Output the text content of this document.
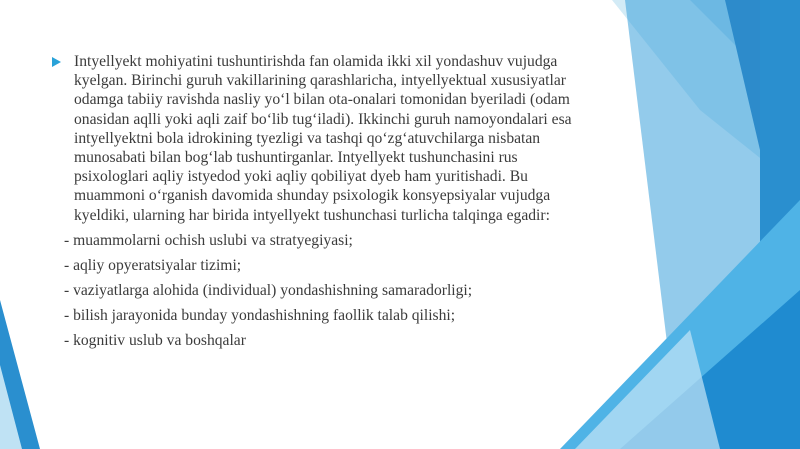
Intyellyekt mohiyatini tushuntirishda fan olamida ikki xil yondashuv vujudga kyelgan. Birinchi guruh vakillarining qarashlaricha, intyellyektual xususiyatlar odamga tabiiy ravishda nasliy yo‘l bilan ota-onalari tomonidan byeriladi (odam onasidan aqlli yoki aqli zaif bo‘lib tug‘iladi). Ikkinchi guruh namoyondalari esa intyellyektni bola idrokining tyezligi va tashqi qo‘zg‘atuvchilarga nisbatan munosabati bilan bog‘lab tushuntirganlar. Intyellyekt tushunchasini rus psixologlari aqliy istyedod yoki aqliy qobiliyat dyeb ham yuritishadi. Bu muammoni o‘rganish davomida shunday psixologik konsyepsiyalar vujudga kyeldiki, ularning har birida intyellyekt tushunchasi turlicha talqinga egadir:
- muammolarni ochish uslubi va stratyegiyasi;
- aqliy opyeratsiyalar tizimi;
- vaziyatlarga alohida (individual) yondashishning samaradorligi;
- bilish jarayonida bunday yondashishning faollik talab qilishi;
- kognitiv uslub va boshqalar
